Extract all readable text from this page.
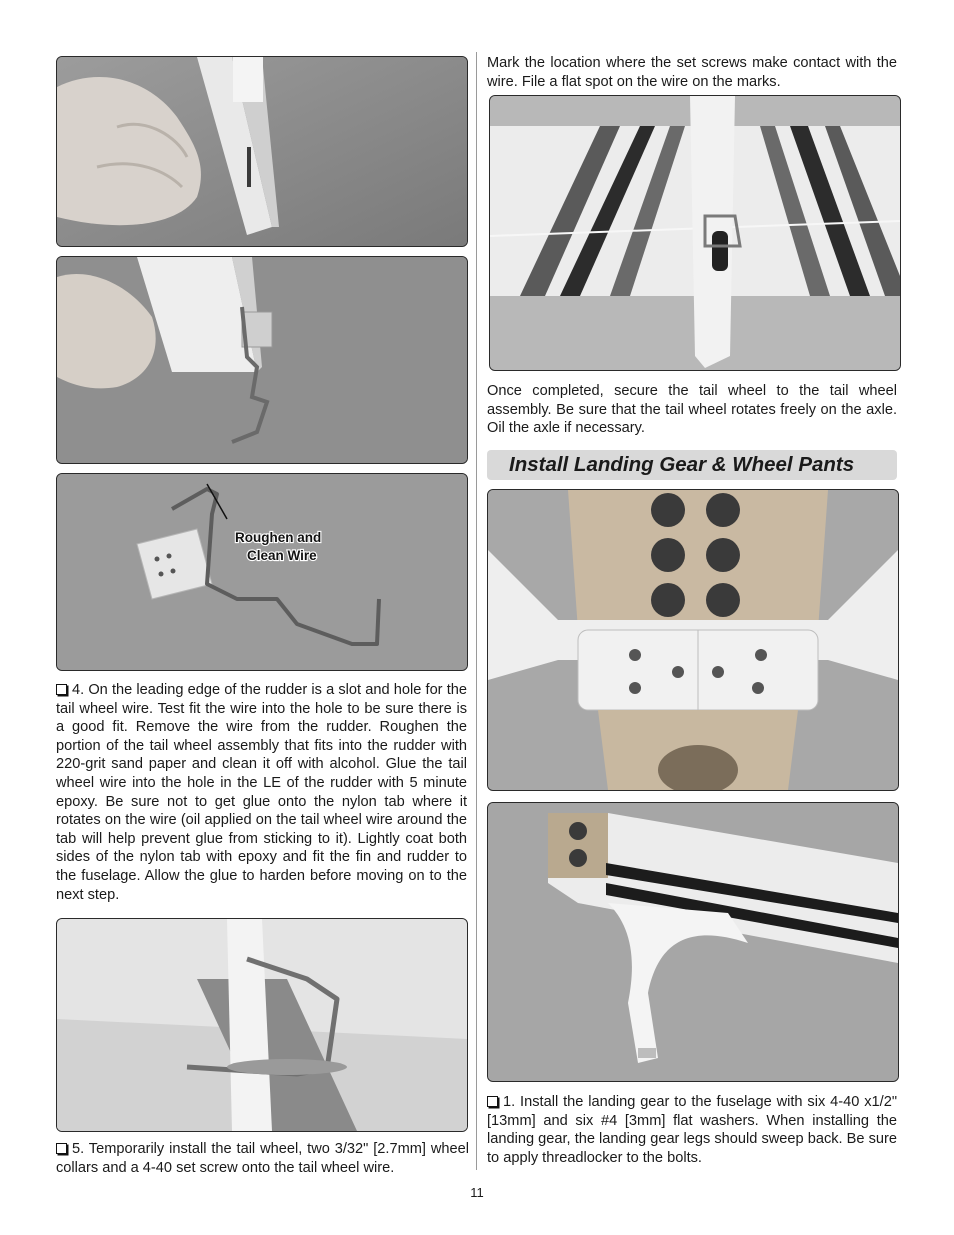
Roughen and
Clean Wire

4. On the leading edge of the rudder is a slot and hole for the tail wheel wire. Test fit the wire into the hole to be sure there is a good fit. Remove the wire from the rudder. Roughen the portion of the tail wheel assembly that fits into the rudder with 220-grit sand paper and clean it off with alcohol. Glue the tail wheel wire into the hole in the LE of the rudder with 5 minute epoxy. Be sure not to get glue onto the nylon tab where it rotates on the wire (oil applied on the tail wheel wire around the tab will help prevent glue from sticking to it). Lightly coat both sides of the nylon tab with epoxy and fit the fin and rudder to the fuselage. Allow the glue to harden before moving on to the next step.

5. Temporarily install the tail wheel, two 3/32" [2.7mm] wheel collars and a 4-40 set screw onto the tail wheel wire.

Mark the location where the set screws make contact with the wire. File a flat spot on the wire on the marks.

Once completed, secure the tail wheel to the tail wheel assembly. Be sure that the tail wheel rotates freely on the axle. Oil the axle if necessary.

Install Landing Gear & Wheel Pants

1. Install the landing gear to the fuselage with six 4-40 x1/2" [13mm] and six #4 [3mm] flat washers. When installing the landing gear, the landing gear legs should sweep back. Be sure to apply threadlocker to the bolts.

11
